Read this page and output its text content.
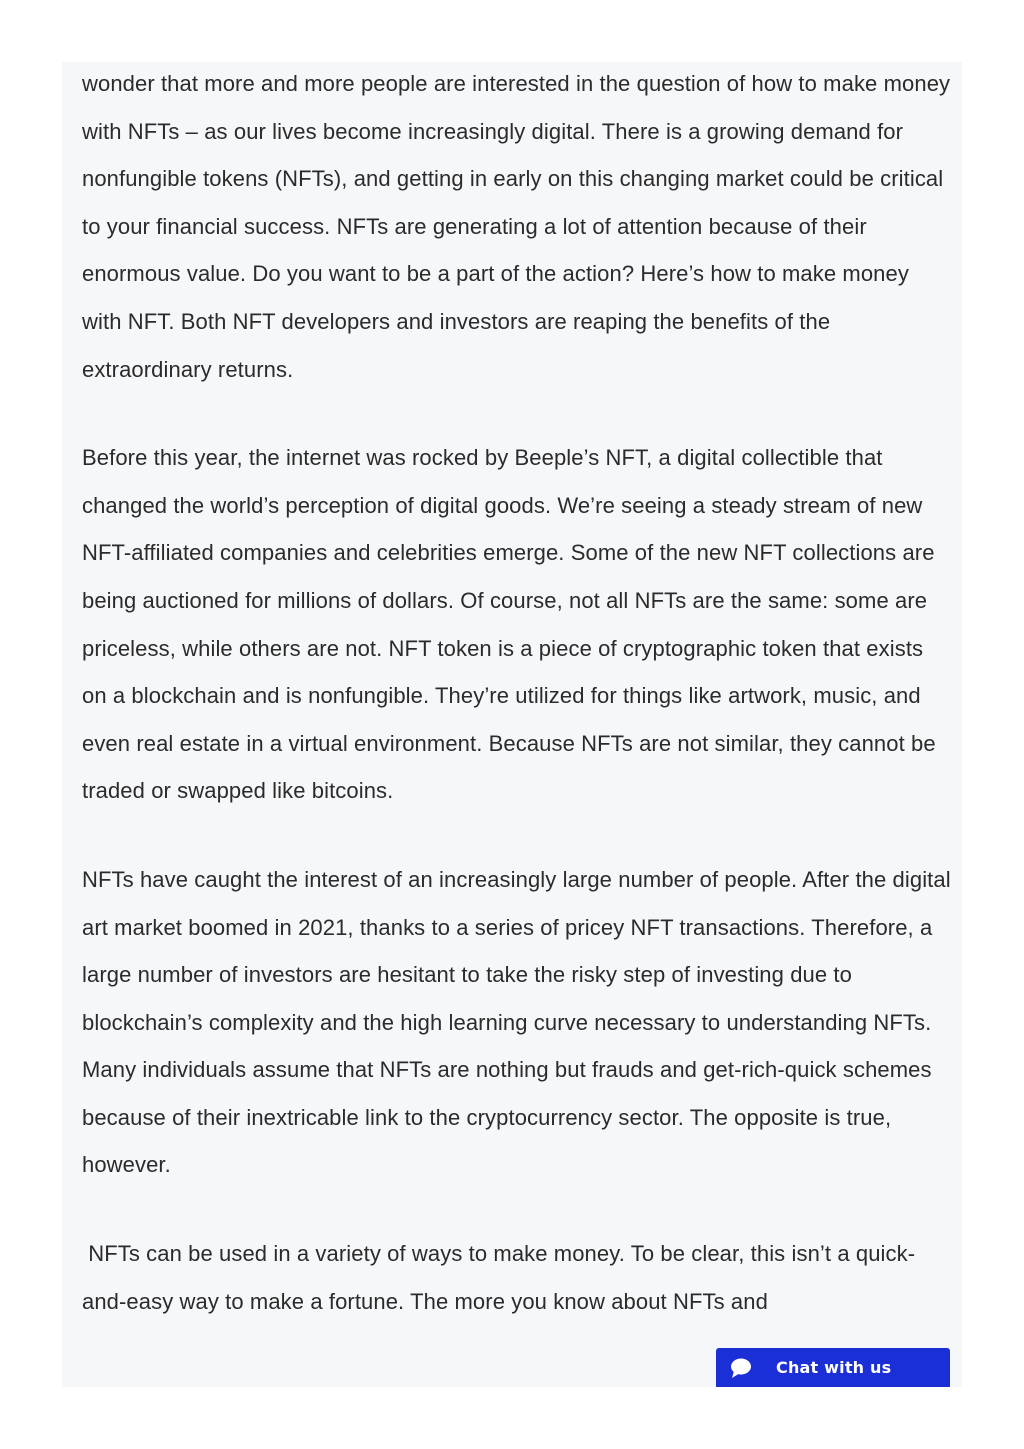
wonder that more and more people are interested in the question of how to make money with NFTs – as our lives become increasingly digital. There is a growing demand for nonfungible tokens (NFTs), and getting in early on this changing market could be critical to your financial success. NFTs are generating a lot of attention because of their enormous value. Do you want to be a part of the action? Here’s how to make money with NFT. Both NFT developers and investors are reaping the benefits of the extraordinary returns.

Before this year, the internet was rocked by Beeple’s NFT, a digital collectible that changed the world’s perception of digital goods. We’re seeing a steady stream of new NFT-affiliated companies and celebrities emerge. Some of the new NFT collections are being auctioned for millions of dollars. Of course, not all NFTs are the same: some are priceless, while others are not. NFT token is a piece of cryptographic token that exists on a blockchain and is nonfungible. They’re utilized for things like artwork, music, and even real estate in a virtual environment. Because NFTs are not similar, they cannot be traded or swapped like bitcoins.

NFTs have caught the interest of an increasingly large number of people. After the digital art market boomed in 2021, thanks to a series of pricey NFT transactions. Therefore, a large number of investors are hesitant to take the risky step of investing due to blockchain’s complexity and the high learning curve necessary to understanding NFTs. Many individuals assume that NFTs are nothing but frauds and get-rich-quick schemes because of their inextricable link to the cryptocurrency sector. The opposite is true, however.

NFTs can be used in a variety of ways to make money. To be clear, this isn’t a quick-and-easy way to make a fortune. The more you know about NFTs and

Chat with us
